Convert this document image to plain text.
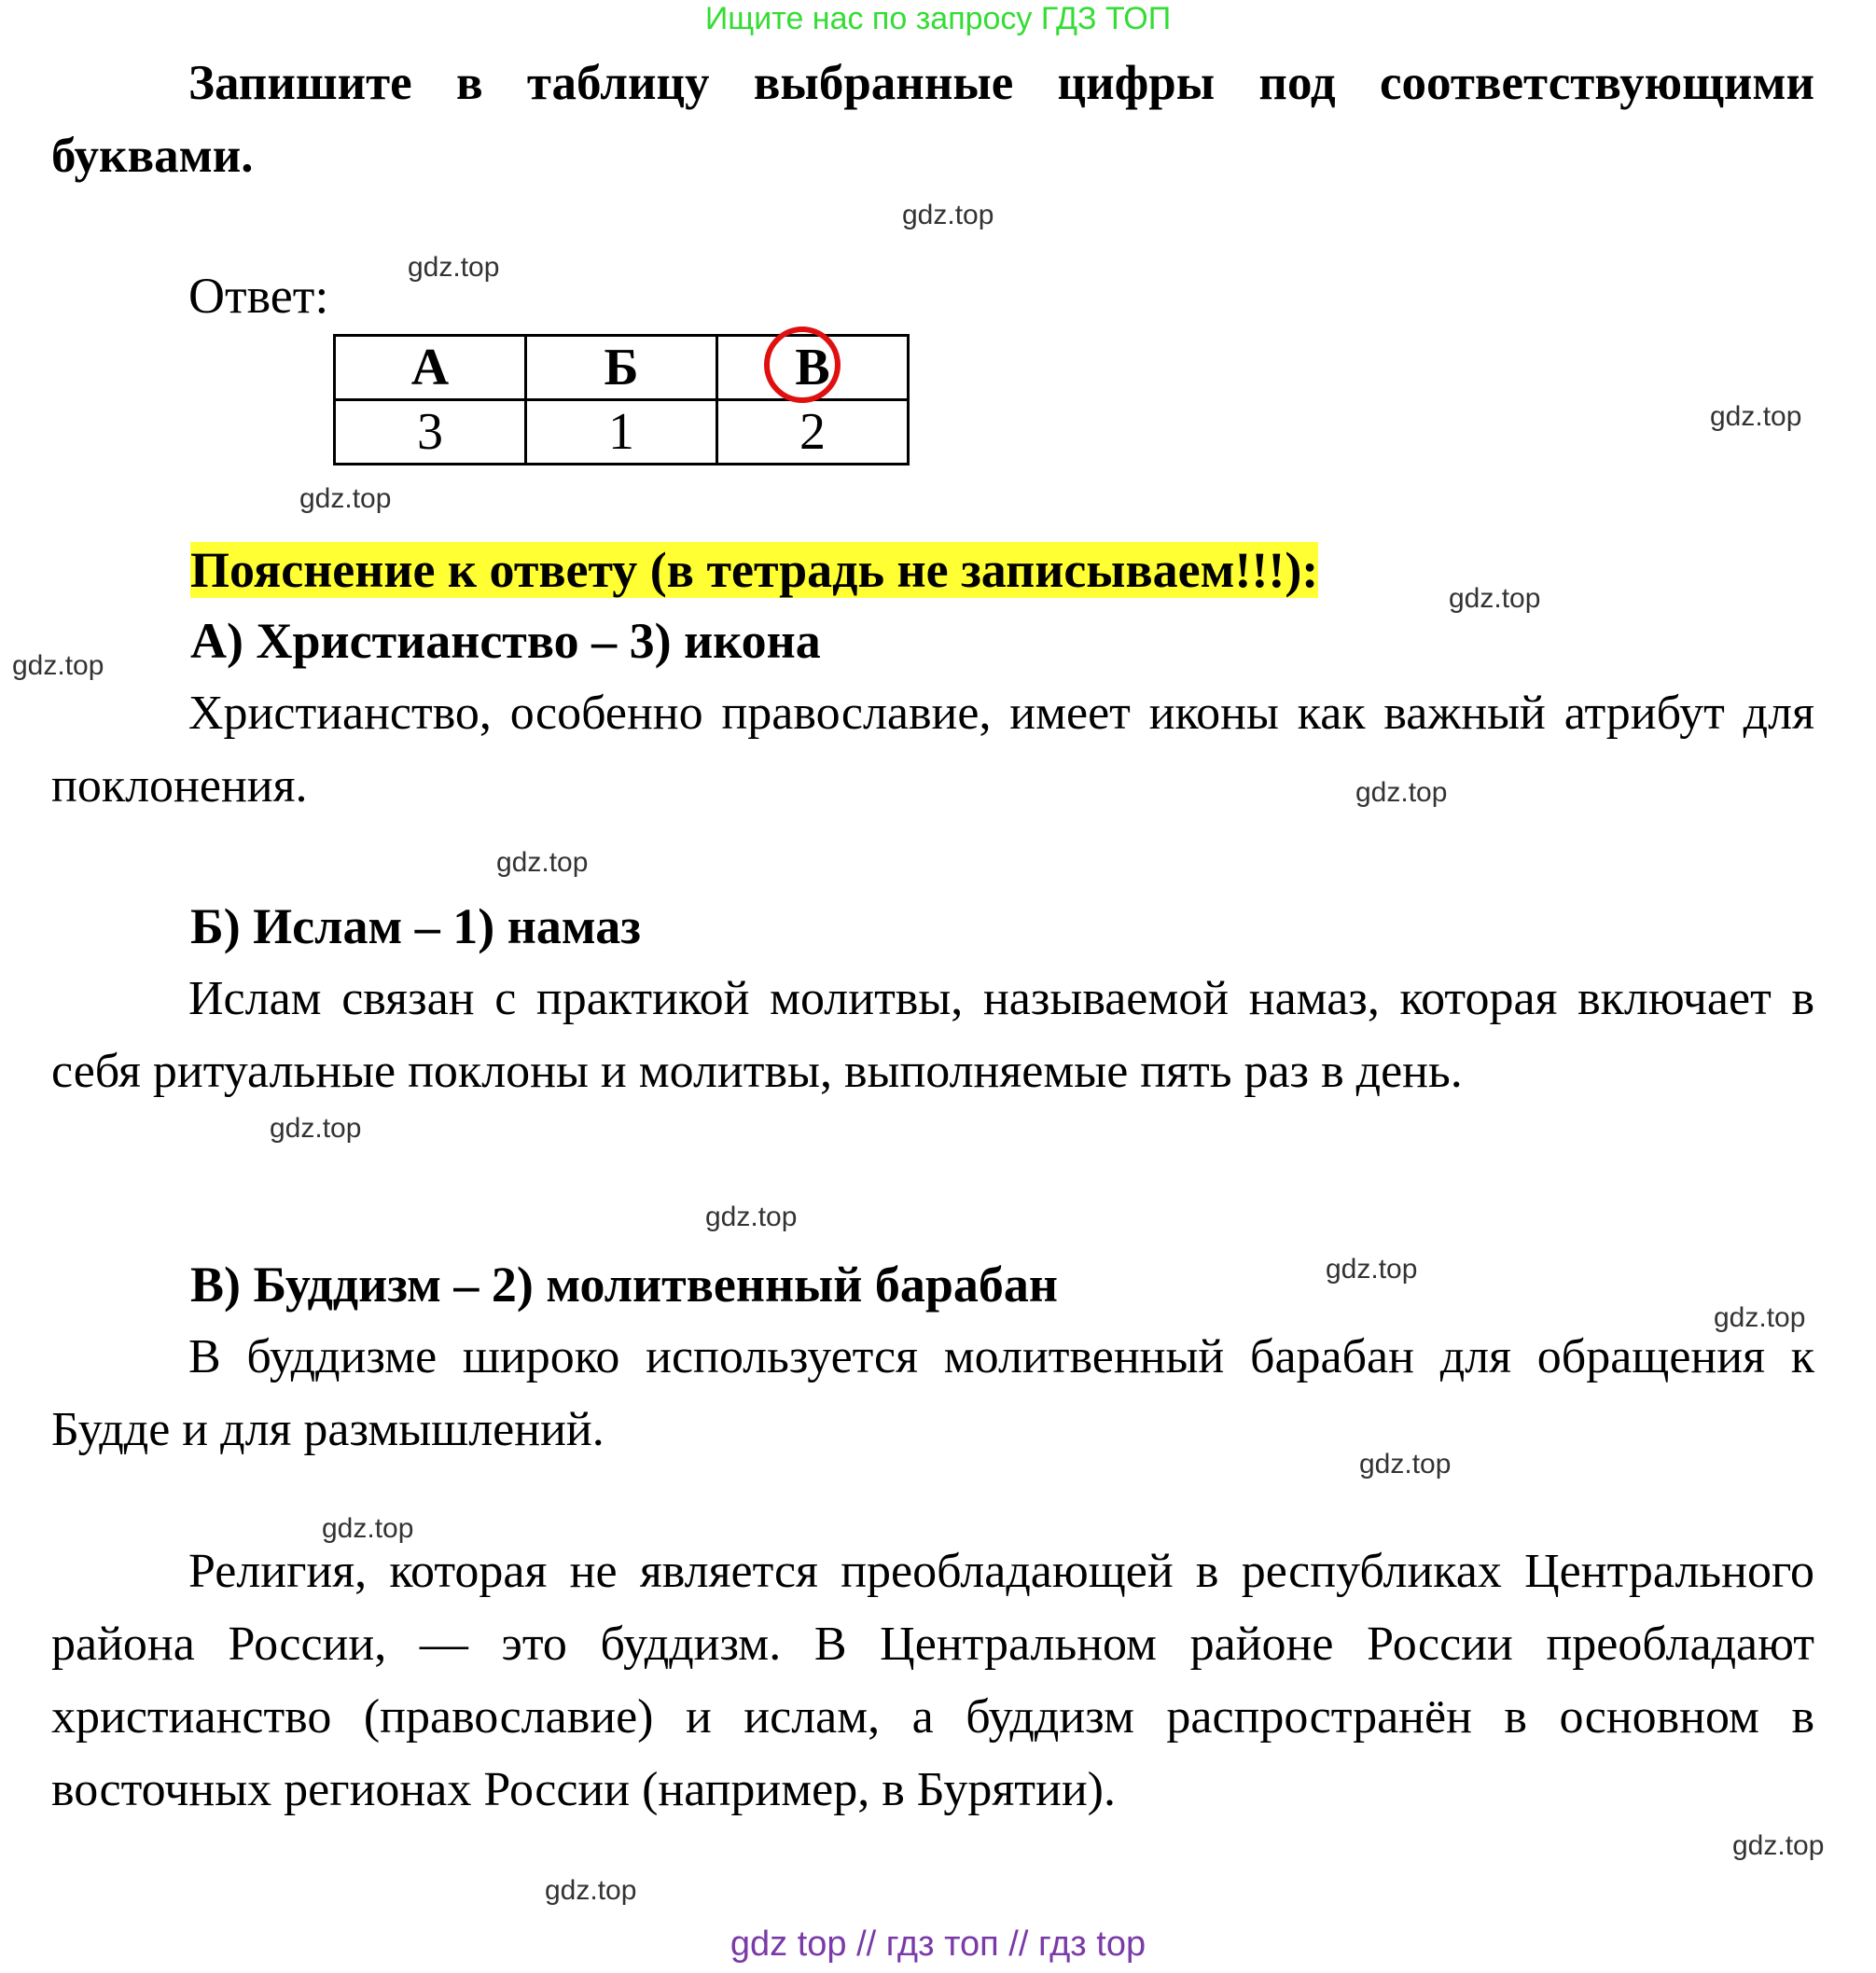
Ищите нас по запросу ГДЗ ТОП
Запишите в таблицу выбранные цифры под соответствующими буквами.
Ответ:
А	Б	В
3	1	2
Пояснение к ответу (в тетрадь не записываем!!!):
А) Христианство – 3) икона
Христианство, особенно православие, имеет иконы как важный атрибут для поклонения.
Б) Ислам – 1) намаз
Ислам связан с практикой молитвы, называемой намаз, которая включает в себя ритуальные поклоны и молитвы, выполняемые пять раз в день.
В) Буддизм – 2) молитвенный барабан
В буддизме широко используется молитвенный барабан для обращения к Будде и для размышлений.
Религия, которая не является преобладающей в республиках Центрального района России, — это буддизм. В Центральном районе России преобладают христианство (православие) и ислам, а буддизм распространён в основном в восточных регионах России (например, в Бурятии).
gdz.top
gdz.top
gdz.top
gdz.top
gdz.top
gdz.top
gdz.top
gdz.top
gdz.top
gdz.top
gdz.top
gdz.top
gdz.top
gdz.top
gdz.top
gdz.top
gdz top // гдз топ // гдз top
